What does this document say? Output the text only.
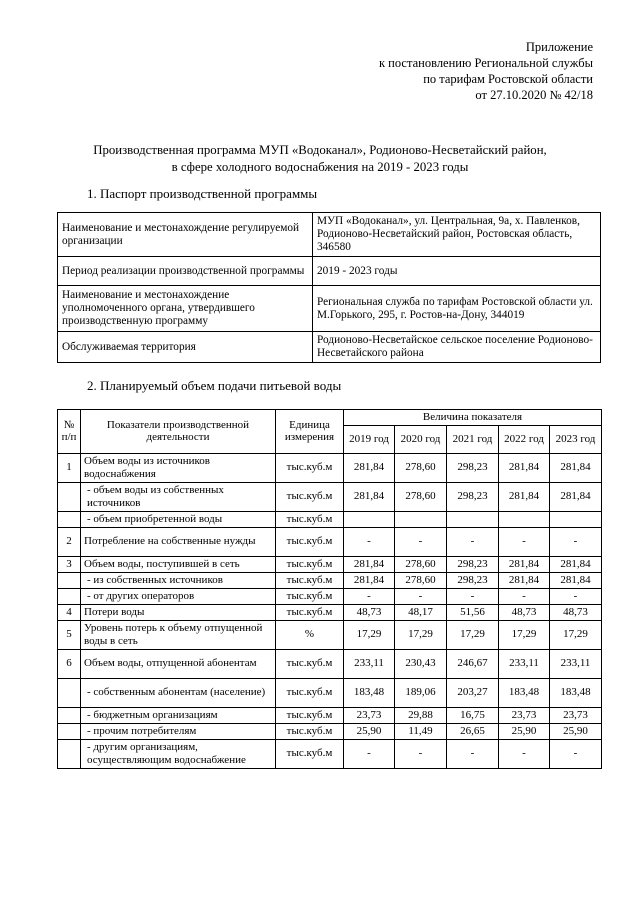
Приложение
к постановлению Региональной службы
по тарифам Ростовской области
от 27.10.2020 № 42/18
Производственная программа МУП «Водоканал», Родионово-Несветайский район,
в сфере холодного водоснабжения на 2019 - 2023 годы
1. Паспорт производственной программы
Наименование и местонахождение регулируемой организации	МУП «Водоканал», ул. Центральная, 9а, х. Павленков, Родионово-Несветайский район, Ростовская область, 346580
Период реализации производственной программы	2019 - 2023 годы
Наименование и местонахождение уполномоченного органа, утвердившего производственную программу	Региональная служба по тарифам Ростовской области ул. М.Горького, 295, г. Ростов-на-Дону, 344019
Обслуживаемая территория	Родионово-Несветайское сельское поселение Родионово-Несветайского района
2. Планируемый объем подачи питьевой воды
№ п/п	Показатели производственной деятельности	Единица измерения	Величина показателя				
			2019 год	2020 год	2021 год	2022 год	2023 год
1	Объем воды из источников водоснабжения	тыс.куб.м	281,84	278,60	298,23	281,84	281,84
	- объем воды из собственных источников	тыс.куб.м	281,84	278,60	298,23	281,84	281,84
	- объем приобретенной воды	тыс.куб.м					
2	Потребление на собственные нужды	тыс.куб.м	-	-	-	-	-
3	Объем воды, поступившей в сеть	тыс.куб.м	281,84	278,60	298,23	281,84	281,84
	- из собственных источников	тыс.куб.м	281,84	278,60	298,23	281,84	281,84
	- от других операторов	тыс.куб.м	-	-	-	-	-
4	Потери воды	тыс.куб.м	48,73	48,17	51,56	48,73	48,73
5	Уровень потерь к объему отпущенной воды в сеть	%	17,29	17,29	17,29	17,29	17,29
6	Объем воды, отпущенной абонентам	тыс.куб.м	233,11	230,43	246,67	233,11	233,11
	- собственным абонентам (население)	тыс.куб.м	183,48	189,06	203,27	183,48	183,48
	- бюджетным организациям	тыс.куб.м	23,73	29,88	16,75	23,73	23,73
	- прочим потребителям	тыс.куб.м	25,90	11,49	26,65	25,90	25,90
	- другим организациям, осуществляющим водоснабжение	тыс.куб.м	-	-	-	-	-
